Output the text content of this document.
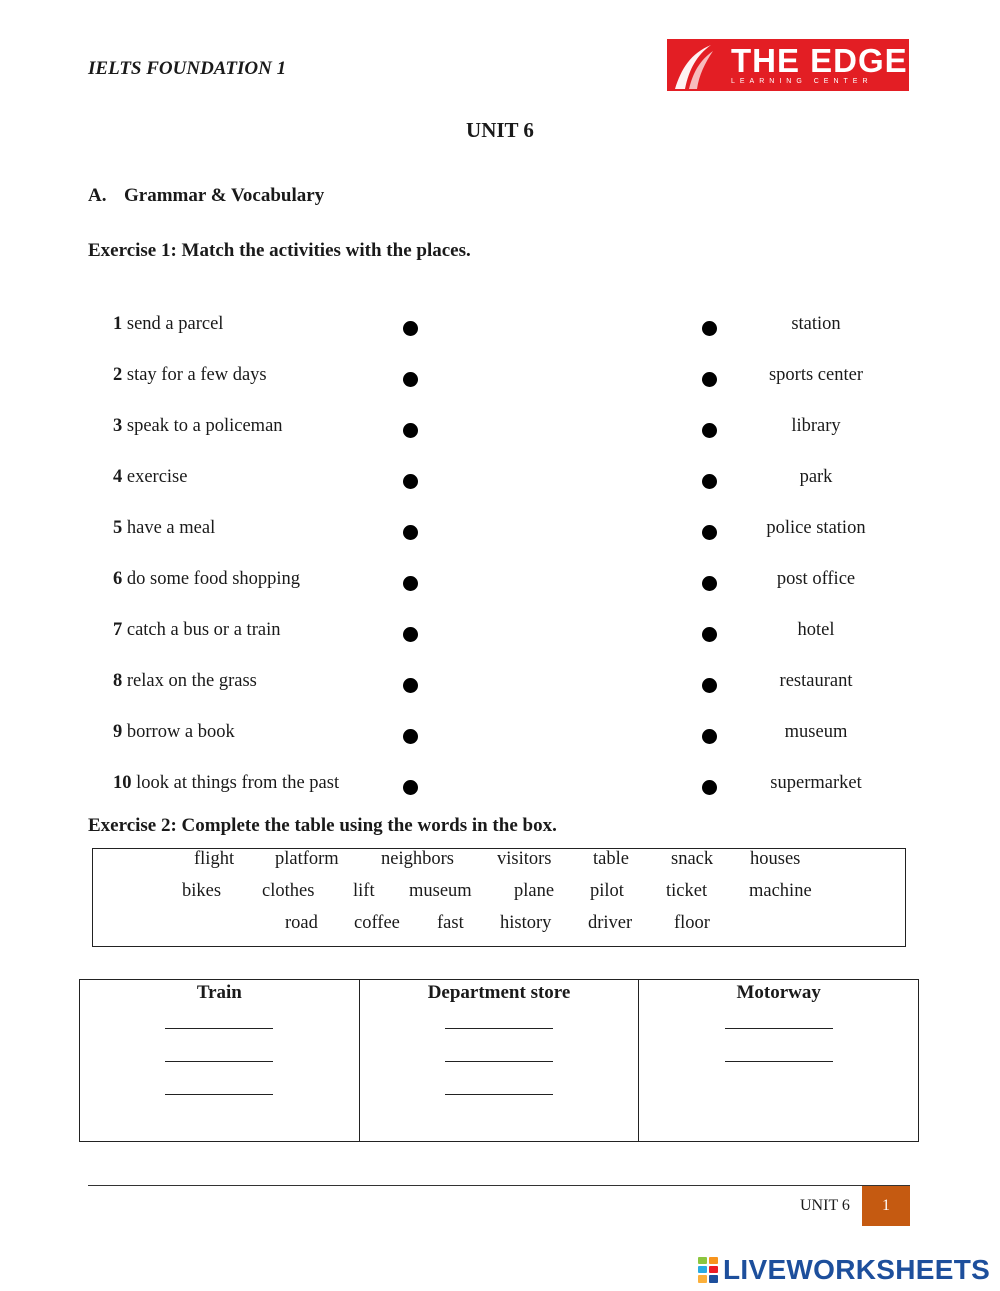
IELTS FOUNDATION 1	THE EDGE
LEARNING CENTER
UNIT 6
A. Grammar & Vocabulary
Exercise 1: Match the activities with the places.
1 send a parcel	station
2 stay for a few days	sports center
3 speak to a policeman	library
4 exercise	park
5 have a meal	police station
6 do some food shopping	post office
7 catch a bus or a train	hotel
8 relax on the grass	restaurant
9 borrow a book	museum
10 look at things from the past	supermarket
Exercise 2: Complete the table using the words in the box.
flight platform neighbors visitors table snack houses
bikes clothes lift museum plane pilot ticket machine
road coffee fast history driver floor
Train	Department store	Motorway
UNIT 6	1
LIVEWORKSHEETS
